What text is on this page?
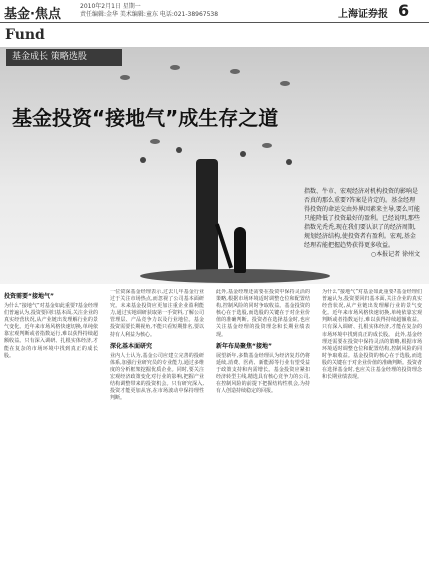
基金·焦点
2010年2月1日 星期一
责任编辑:金华 美术编辑:童东 电话:021-38967538	上海证券报 6
Fund
基金成长 策略选股
基金投资“接地气”成生存之道
指数、牛市、宏观经济对机构投资的影响是否真的那么重要?答案是肯定的。基金经理得投资的命运交由外界因素来主导,要么可能只能降低了投资最好的盈利。已经说明,那些指数光秃秃,现在我们要认识了的经济周期,规划经济结构,使投资者有盈利。宏观,基金经理若能把握趋势获得更多收益。
○本报记者 徐州文
投资需要“接地气”
为什么“接地气”对基金如此重要?基金经理们普遍认为,投资要回归基本面,关注企业的真实经营状况,从产业链出发理解行业的景气变化。近年来市场风格快速切换,单纯依靠宏观判断或者指数运行,难以获得持续超额收益。只有深入调研、扎根实体经济,才能在复杂的市场环境中找到真正的成长股。
一位资深基金经理表示,过去几年基金行业过于关注市场热点,而忽视了公司基本面研究。未来基金投资应更加注重企业盈利能力,通过实地调研获取第一手资料,了解公司管理层、产品竞争力以及行业地位。基金投资需要长期视角,不能只看短期排名,要以持有人利益为核心。
深化基本面研究
业内人士认为,基金公司应建立完善的投研体系,加强行业研究员的专业能力,通过多维度的分析框架挖掘优质企业。同时,要关注宏观经济政策变化对行业的影响,把握产业结构调整带来的投资机会。只有研究深入,投资才能更加从容,在市场波动中保持理性判断。
此外,基金经理还需要在投资中保持灵活的策略,根据市场环境适时调整仓位和配置结构,控制风险的同时争取收益。基金投资的核心在于选股,而选股的关键在于对企业价值的准确判断。投资者在选择基金时,也应关注基金经理的投资理念和长期业绩表现。
新年布局聚焦“接地”
展望新年,多数基金经理认为经济复苏仍将延续,消费、医药、新能源等行业有望受益于政策支持和内需增长。基金投资应紧扣经济转型主线,精选具有核心竞争力的公司,在控制风险的前提下把握结构性机会,为持有人创造持续稳定的回报。
为什么“接地气”对基金如此重要?基金经理们普遍认为,投资要回归基本面,关注企业的真实经营状况,从产业链出发理解行业的景气变化。近年来市场风格快速切换,单纯依靠宏观判断或者指数运行,难以获得持续超额收益。只有深入调研、扎根实体经济,才能在复杂的市场环境中找到真正的成长股。 此外,基金经理还需要在投资中保持灵活的策略,根据市场环境适时调整仓位和配置结构,控制风险的同时争取收益。基金投资的核心在于选股,而选股的关键在于对企业价值的准确判断。投资者在选择基金时,也应关注基金经理的投资理念和长期业绩表现。
